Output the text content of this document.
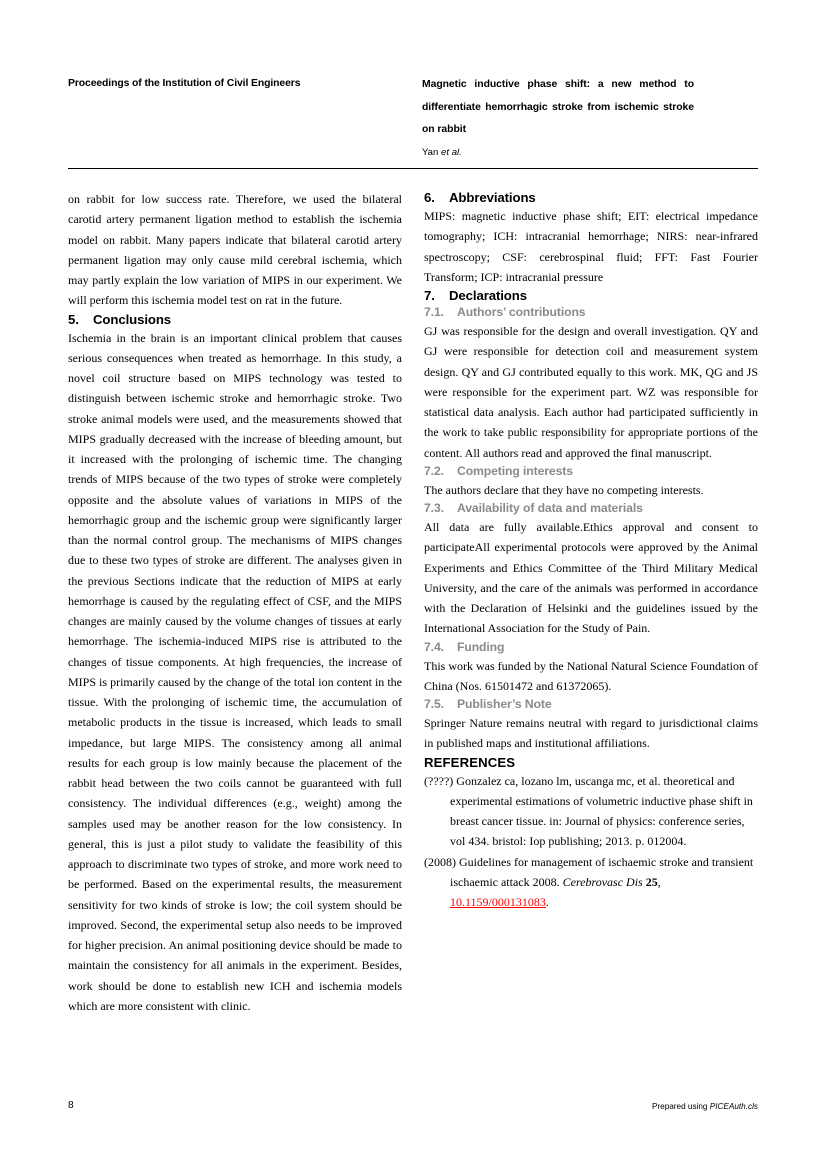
Proceedings of the Institution of Civil Engineers	Magnetic inductive phase shift: a new method to differentiate hemorrhagic stroke from ischemic stroke on rabbit
Yan et al.

on rabbit for low success rate. Therefore, we used the bilateral carotid artery permanent ligation method to establish the ischemia model on rabbit. Many papers indicate that bilateral carotid artery permanent ligation may only cause mild cerebral ischemia, which may partly explain the low variation of MIPS in our experiment. We will perform this ischemia model test on rat in the future.

5. Conclusions

Ischemia in the brain is an important clinical problem that causes serious consequences when treated as hemorrhage. In this study, a novel coil structure based on MIPS technology was tested to distinguish between ischemic stroke and hemorrhagic stroke. Two stroke animal models were used, and the measurements showed that MIPS gradually decreased with the increase of bleeding amount, but it increased with the prolonging of ischemic time. The changing trends of MIPS because of the two types of stroke were completely opposite and the absolute values of variations in MIPS of the hemorrhagic group and the ischemic group were significantly larger than the normal control group. The mechanisms of MIPS changes due to these two types of stroke are different. The analyses given in the previous Sections indicate that the reduction of MIPS at early hemorrhage is caused by the regulating effect of CSF, and the MIPS changes are mainly caused by the volume changes of tissues at early hemorrhage. The ischemia-induced MIPS rise is attributed to the changes of tissue components. At high frequencies, the increase of MIPS is primarily caused by the change of the total ion content in the tissue. With the prolonging of ischemic time, the accumulation of metabolic products in the tissue is increased, which leads to small impedance, but large MIPS. The consistency among all animal results for each group is low mainly because the placement of the rabbit head between the two coils cannot be guaranteed with full consistency. The individual differences (e.g., weight) among the samples used may be another reason for the low consistency. In general, this is just a pilot study to validate the feasibility of this approach to discriminate two types of stroke, and more work need to be performed. Based on the experimental results, the measurement sensitivity for two kinds of stroke is low; the coil system should be improved. Second, the experimental setup also needs to be improved for higher precision. An animal positioning device should be made to maintain the consistency for all animals in the experiment. Besides, work should be done to establish new ICH and ischemia models which are more consistent with clinic.

6. Abbreviations

MIPS: magnetic inductive phase shift; EIT: electrical impedance tomography; ICH: intracranial hemorrhage; NIRS: near-infrared spectroscopy; CSF: cerebrospinal fluid; FFT: Fast Fourier Transform; ICP: intracranial pressure

7. Declarations
7.1. Authors’ contributions

GJ was responsible for the design and overall investigation. QY and GJ were responsible for detection coil and measurement system design. QY and GJ contributed equally to this work. MK, QG and JS were responsible for the experiment part. WZ was responsible for statistical data analysis. Each author had participated sufficiently in the work to take public responsibility for appropriate portions of the content. All authors read and approved the final manuscript.

7.2. Competing interests

The authors declare that they have no competing interests.

7.3. Availability of data and materials

All data are fully available.Ethics approval and consent to participateAll experimental protocols were approved by the Animal Experiments and Ethics Committee of the Third Military Medical University, and the care of the animals was performed in accordance with the Declaration of Helsinki and the guidelines issued by the International Association for the Study of Pain.

7.4. Funding

This work was funded by the National Natural Science Foundation of China (Nos. 61501472 and 61372065).

7.5. Publisher’s Note

Springer Nature remains neutral with regard to jurisdictional claims in published maps and institutional affiliations.

REFERENCES

(????) Gonzalez ca, lozano lm, uscanga mc, et al. theoretical and experimental estimations of volumetric inductive phase shift in breast cancer tissue. in: Journal of physics: conference series, vol 434. bristol: Iop publishing; 2013. p. 012004.

(2008) Guidelines for management of ischaemic stroke and transient ischaemic attack 2008. Cerebrovasc Dis 25, 10.1159/000131083.

8	Prepared using PICEAuth.cls
